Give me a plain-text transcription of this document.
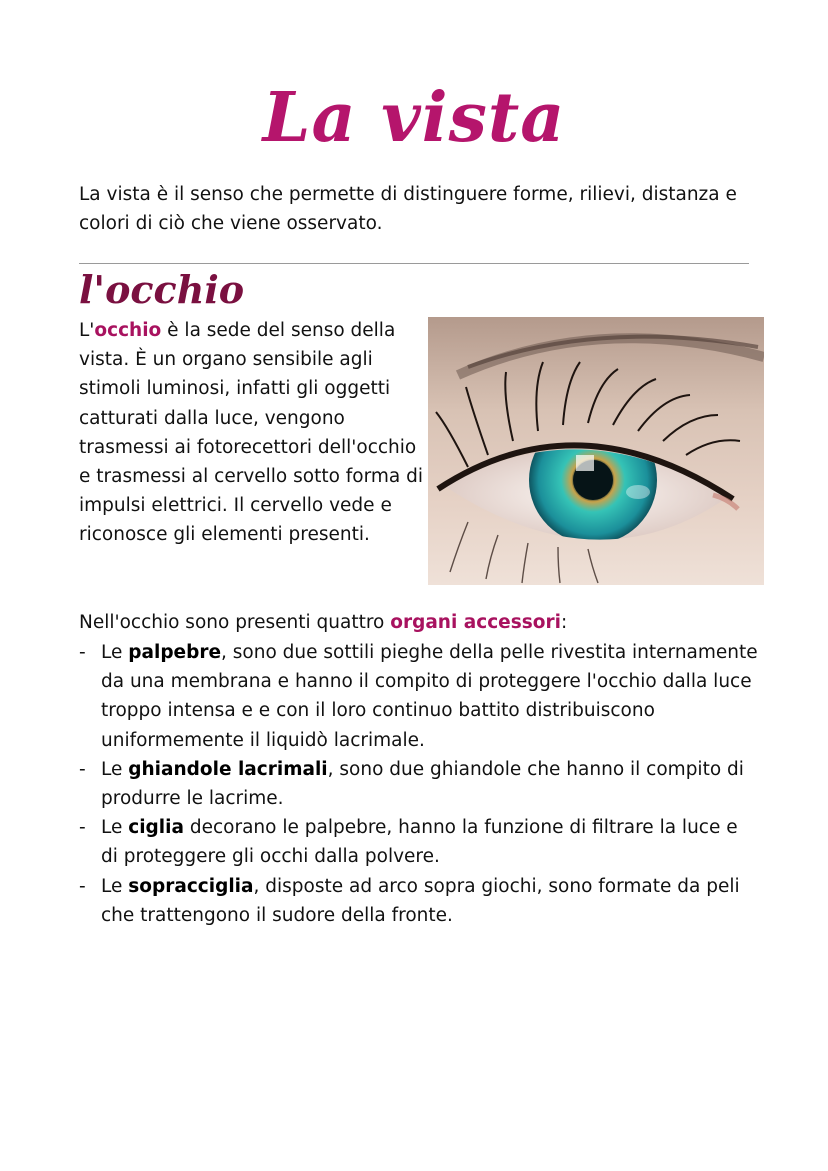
La vista

La vista è il senso che permette di distinguere forme, rilievi, distanza e colori di ciò che viene osservato.

l'occhio

L'occhio è la sede del senso della vista. È un organo sensibile agli stimoli luminosi, infatti gli oggetti catturati dalla luce, vengono trasmessi ai fotorecettori dell'occhio e trasmessi al cervello sotto forma di impulsi elettrici. Il cervello vede e riconosce gli elementi presenti.

Nell'occhio sono presenti quattro organi accessori:

- Le palpebre, sono due sottili pieghe della pelle rivestita internamente da una membrana e hanno il compito di proteggere l'occhio dalla luce troppo intensa e e con il loro continuo battito distribuiscono uniformemente il liquidò lacrimale.
- Le ghiandole lacrimali, sono due ghiandole che hanno il compito di produrre le lacrime.
- Le ciglia decorano le palpebre, hanno la funzione di filtrare la luce e di proteggere gli occhi dalla polvere.
- Le sopracciglia, disposte ad arco sopra giochi, sono formate da peli che trattengono il sudore della fronte.
